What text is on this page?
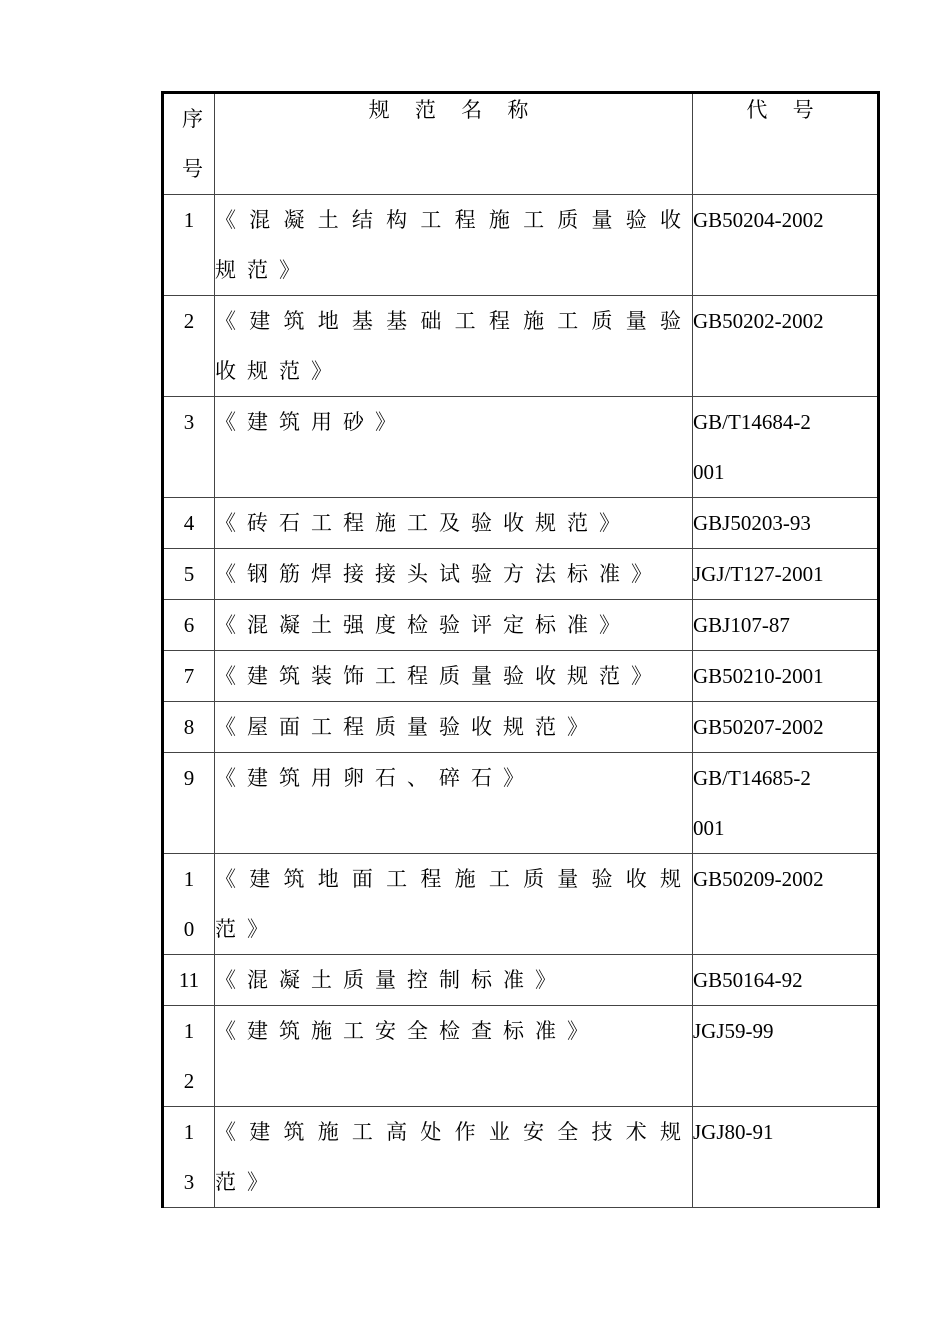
序号	规 范 名 称	代 号
1	《混凝土结构工程施工质量验收规范》	GB50204-2002
2	《建筑地基基础工程施工质量验收规范》	GB50202-2002
3	《建筑用砂》	GB/T14684-2001
4	《砖石工程施工及验收规范》	GBJ50203-93
5	《钢筋焊接接头试验方法标准》	JGJ/T127-2001
6	《混凝土强度检验评定标准》	GBJ107-87
7	《建筑装饰工程质量验收规范》	GB50210-2001
8	《屋面工程质量验收规范》	GB50207-2002
9	《建筑用卵石、碎石》	GB/T14685-2001
10	《建筑地面工程施工质量验收规范》	GB50209-2002
11	《混凝土质量控制标准》	GB50164-92
12	《建筑施工安全检查标准》	JGJ59-99
13	《建筑施工高处作业安全技术规范》	JGJ80-91
